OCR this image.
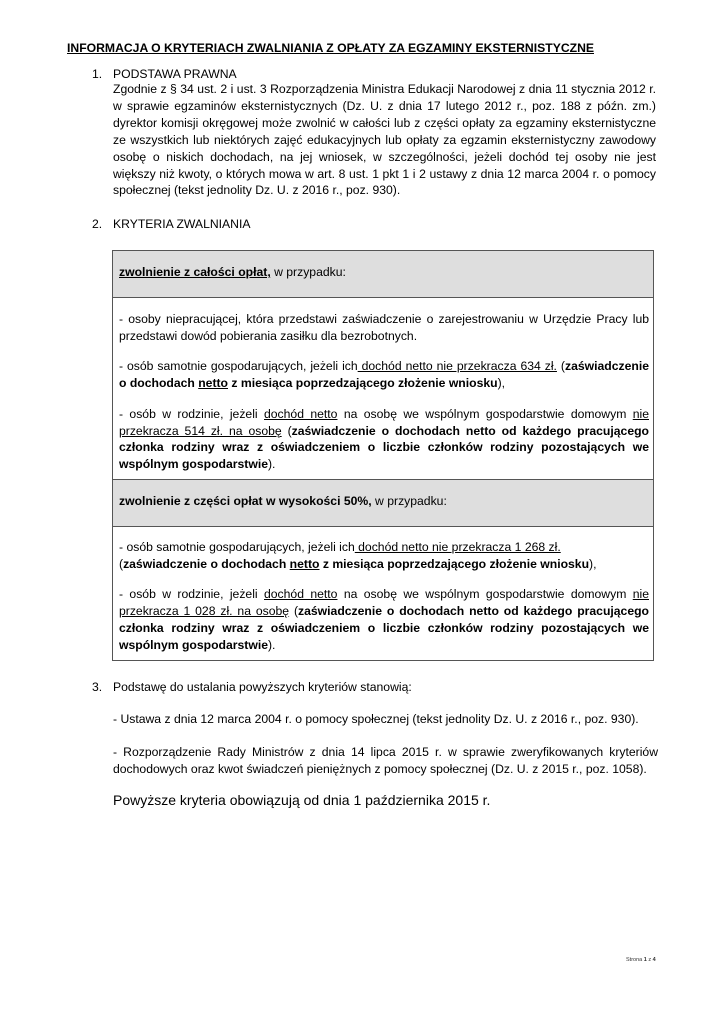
INFORMACJA O KRYTERIACH ZWALNIANIA Z OPŁATY ZA EGZAMINY EKSTERNISTYCZNE
1. PODSTAWA PRAWNA

Zgodnie z § 34 ust. 2 i ust. 3 Rozporządzenia Ministra Edukacji Narodowej z dnia 11 stycznia 2012 r. w sprawie egzaminów eksternistycznych (Dz. U. z dnia 17 lutego 2012 r., poz. 188 z późn. zm.) dyrektor komisji okręgowej może zwolnić w całości lub z części opłaty za egzaminy eksternistyczne ze wszystkich lub niektórych zajęć edukacyjnych lub opłaty za egzamin eksternistyczny zawodowy osobę o niskich dochodach, na jej wniosek, w szczególności, jeżeli dochód tej osoby nie jest większy niż kwoty, o których mowa w art. 8 ust. 1 pkt 1 i 2 ustawy z dnia 12 marca 2004 r. o pomocy społecznej (tekst jednolity Dz. U. z 2016 r., poz. 930).

2. KRYTERIA ZWALNIANIA
zwolnienie z całości opłat, w przypadku:

- osoby niepracującej, która przedstawi zaświadczenie o zarejestrowaniu w Urzędzie Pracy lub przedstawi dowód pobierania zasiłku dla bezrobotnych.

- osób samotnie gospodarujących, jeżeli ich dochód netto nie przekracza 634 zł. (zaświadczenie o dochodach netto z miesiąca poprzedzającego złożenie wniosku),

- osób w rodzinie, jeżeli dochód netto na osobę we wspólnym gospodarstwie domowym nie przekracza 514 zł. na osobę (zaświadczenie o dochodach netto od każdego pracującego członka rodziny wraz z oświadczeniem o liczbie członków rodziny pozostających we wspólnym gospodarstwie).

zwolnienie z części opłat w wysokości 50%, w przypadku:

- osób samotnie gospodarujących, jeżeli ich dochód netto nie przekracza 1 268 zł.
(zaświadczenie o dochodach netto z miesiąca poprzedzającego złożenie wniosku),

- osób w rodzinie, jeżeli dochód netto na osobę we wspólnym gospodarstwie domowym nie przekracza 1 028 zł. na osobę (zaświadczenie o dochodach netto od każdego pracującego członka rodziny wraz z oświadczeniem o liczbie członków rodziny pozostających we wspólnym gospodarstwie).

3. Podstawę do ustalania powyższych kryteriów stanowią:

- Ustawa z dnia 12 marca 2004 r. o pomocy społecznej (tekst jednolity Dz. U. z 2016 r., poz. 930).

- Rozporządzenie Rady Ministrów z dnia 14 lipca 2015 r. w sprawie zweryfikowanych kryteriów dochodowych oraz kwot świadczeń pieniężnych z pomocy społecznej (Dz. U. z 2015 r., poz. 1058).

Powyższe kryteria obowiązują od dnia 1 października 2015 r.
Strona 1 z 4
